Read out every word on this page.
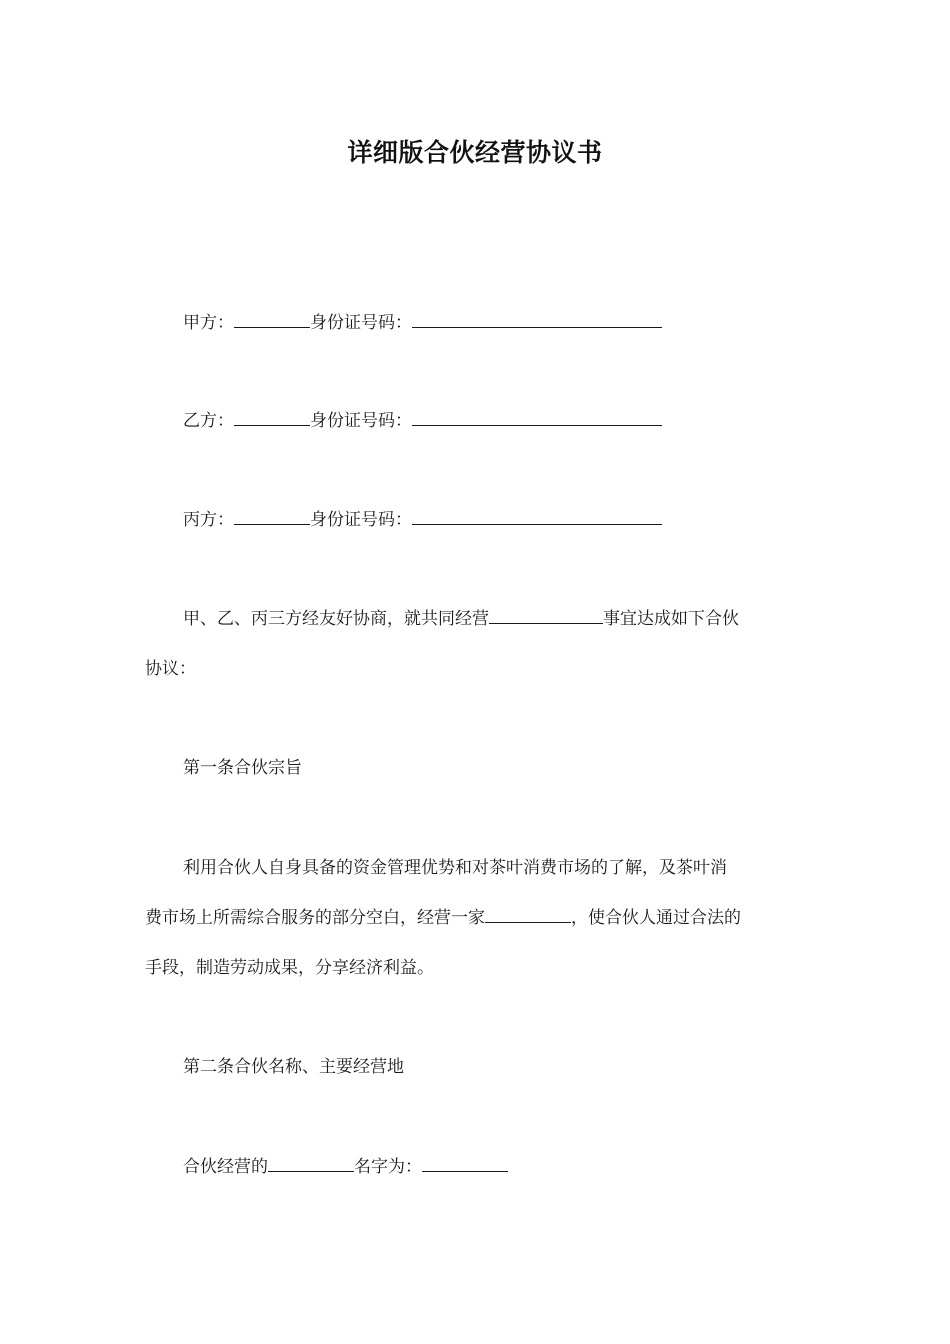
详细版合伙经营协议书
甲方：	身份证号码：
乙方：	身份证号码：
丙方：	身份证号码：
甲、乙、丙三方经友好协商，就共同经营	事宜达成如下合伙
协议：
第一条合伙宗旨
利用合伙人自身具备的资金管理优势和对茶叶消费市场的了解，及茶叶消
费市场上所需综合服务的部分空白，经营一家	，使合伙人通过合法的
手段，制造劳动成果，分享经济利益。
第二条合伙名称、主要经营地
合伙经营的	名字为：
